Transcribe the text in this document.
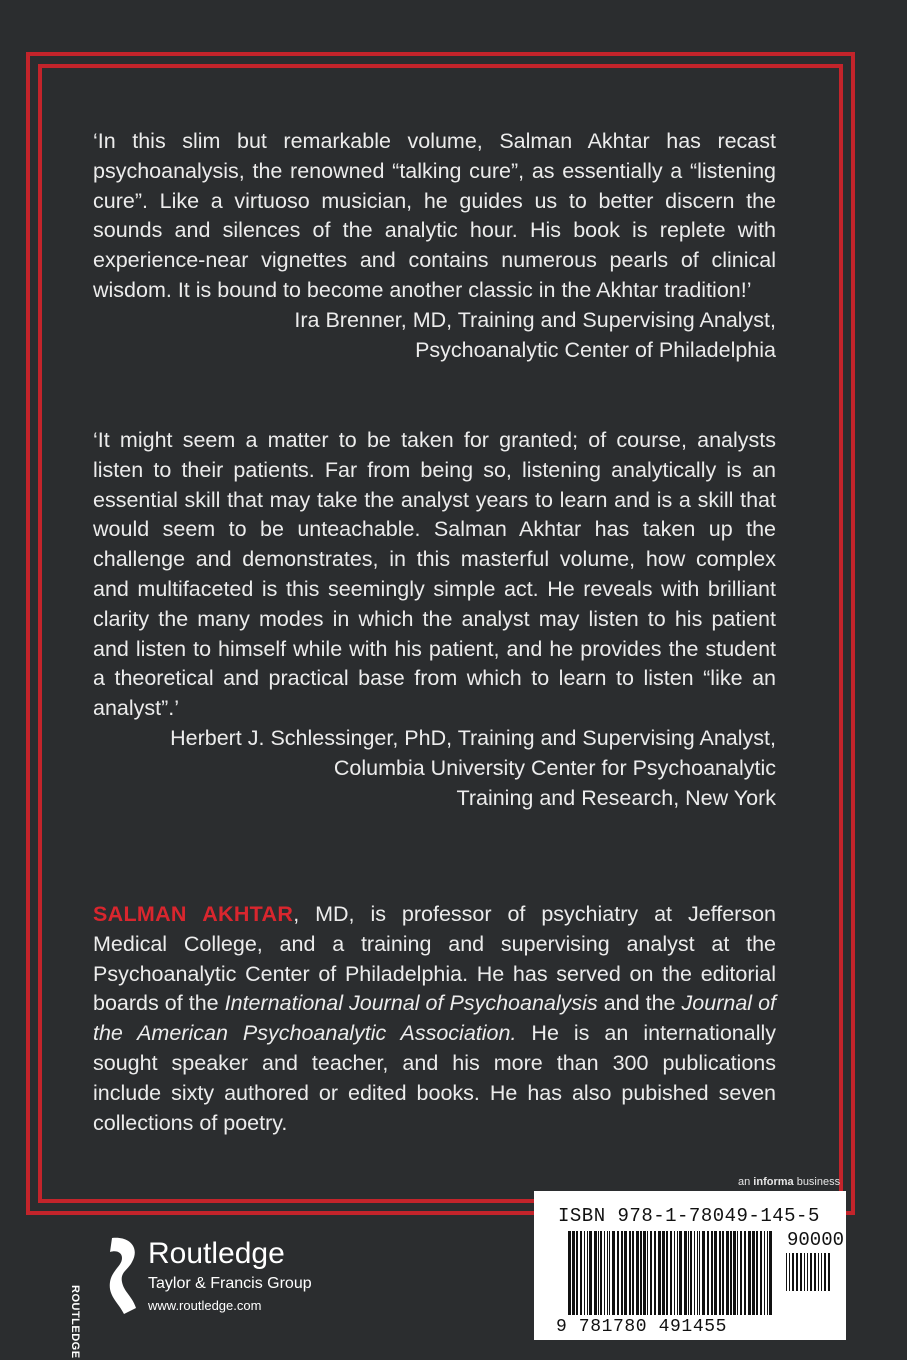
‘In this slim but remarkable volume, Salman Akhtar has recast psychoanalysis, the renowned “talking cure”, as essentially a “listening cure”. Like a virtuoso musician, he guides us to better discern the sounds and silences of the analytic hour. His book is replete with experience-near vignettes and contains numerous pearls of clinical wisdom. It is bound to become another classic in the Akhtar tradition!’

Ira Brenner, MD, Training and Supervising Analyst,
Psychoanalytic Center of Philadelphia

‘It might seem a matter to be taken for granted; of course, analysts listen to their patients. Far from being so, listening analytically is an essential skill that may take the analyst years to learn and is a skill that would seem to be unteachable. Salman Akhtar has taken up the challenge and demonstrates, in this masterful volume, how complex and multifaceted is this seemingly simple act. He reveals with brilliant clarity the many modes in which the analyst may listen to his patient and listen to himself while with his patient, and he provides the student a theoretical and practical base from which to learn to listen “like an analyst”.’

Herbert J. Schlessinger, PhD, Training and Supervising Analyst,
Columbia University Center for Psychoanalytic
Training and Research, New York

SALMAN AKHTAR, MD, is professor of psychiatry at Jefferson Medical College, and a training and supervising analyst at the Psychoanalytic Center of Philadelphia. He has served on the editorial boards of the International Journal of Psychoanalysis and the Journal of the American Psychoanalytic Association. He is an internationally sought speaker and teacher, and his more than 300 publications include sixty authored or edited books. He has also pubished seven collections of poetry.

an informa business
ISBN 978-1-78049-145-5
90000
9 781780 491455
ROUTLEDGE
Routledge
Taylor & Francis Group
www.routledge.com
